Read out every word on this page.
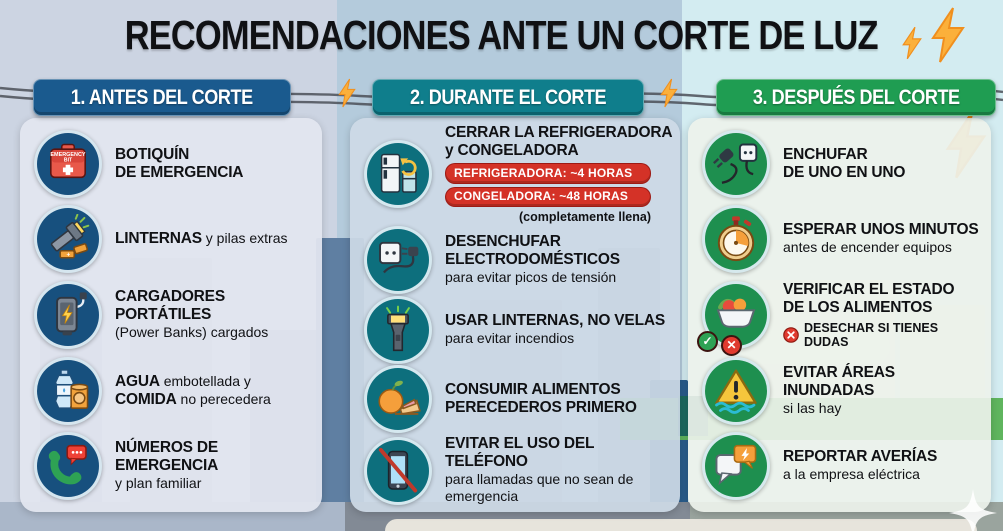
RECOMENDACIONES ANTE UN CORTE DE LUZ
1. ANTES DEL CORTE	2. DURANTE EL CORTE	3. DESPUÉS DEL CORTE
EMERGENCY
BIT	BOTIQUÍN
DE EMERGENCIA
+
LINTERNAS y pilas extras
CARGADORES PORTÁTILES
(Power Banks) cargados
AGUA embotellada y
COMIDA no perecedera
NÚMEROS DE EMERGENCIA
y plan familiar
CERRAR LA REFRIGERADORA
y CONGELADORA
REFRIGERADORA: ~4 HORAS
CONGELADORA: ~48 HORAS
(completamente llena)
DESENCHUFAR
ELECTRODOMÉSTICOS
para evitar picos de tensión
USAR LINTERNAS, NO VELAS
para evitar incendios
CONSUMIR ALIMENTOS
PERECEDEROS PRIMERO
EVITAR EL USO DEL TELÉFONO
para llamadas que no sean de emergencia
ENCHUFAR
DE UNO EN UNO
ESPERAR UNOS MINUTOS
antes de encender equipos
✓	✕
VERIFICAR EL ESTADO
DE LOS ALIMENTOS
DESECHAR SI TIENES DUDAS
EVITAR ÁREAS INUNDADAS
si las hay
REPORTAR AVERÍAS
a la empresa eléctrica
